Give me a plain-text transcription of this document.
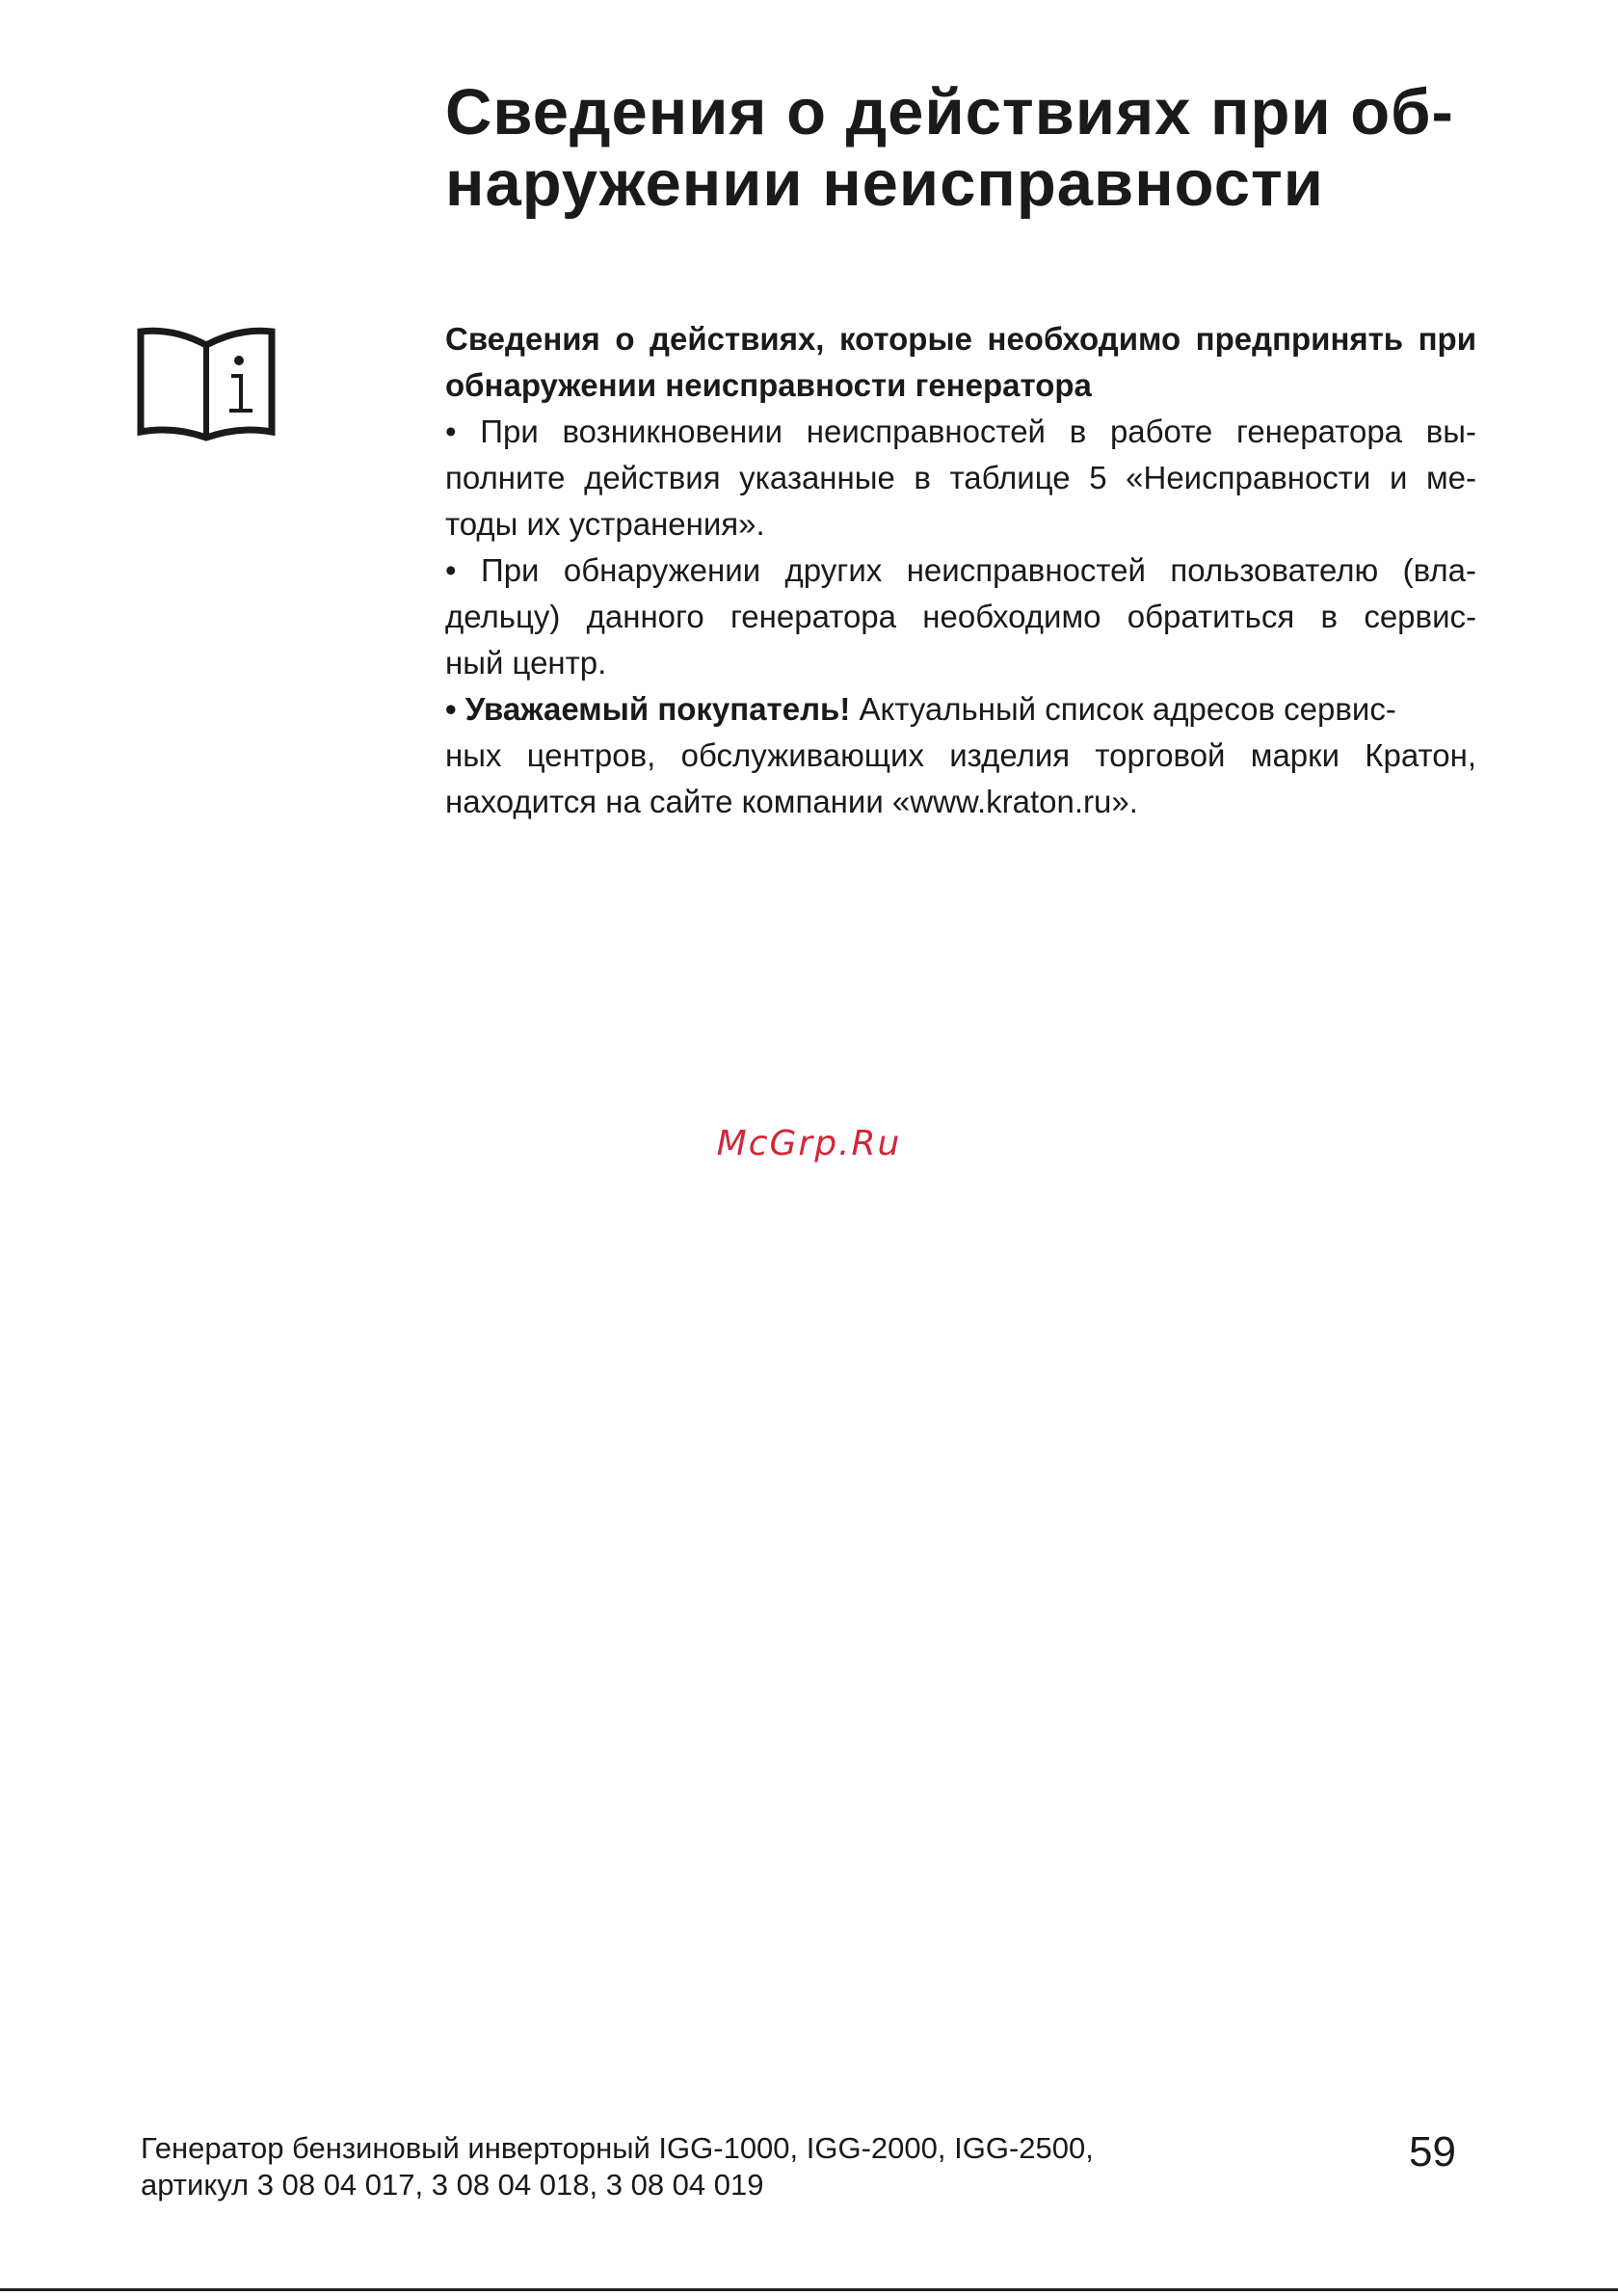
Сведения о действиях при об-
наружении неисправности
Сведения о действиях, которые необходимо предпринять при
обнаружении неисправности генератора
• При возникновении неисправностей в работе генератора вы-
полните действия указанные в таблице 5 «Неисправности и ме-
тоды их устранения».
• При обнаружении других неисправностей пользователю (вла-
дельцу) данного генератора необходимо обратиться в сервис-
ный центр.
• Уважаемый покупатель! Актуальный список адресов сервис-
ных центров, обслуживающих изделия торговой марки Кратон,
находится на сайте компании «www.kraton.ru».
McGrp.Ru
Генератор бензиновый инверторный IGG-1000, IGG-2000, IGG-2500,
артикул 3 08 04 017, 3 08 04 018, 3 08 04 019
59
